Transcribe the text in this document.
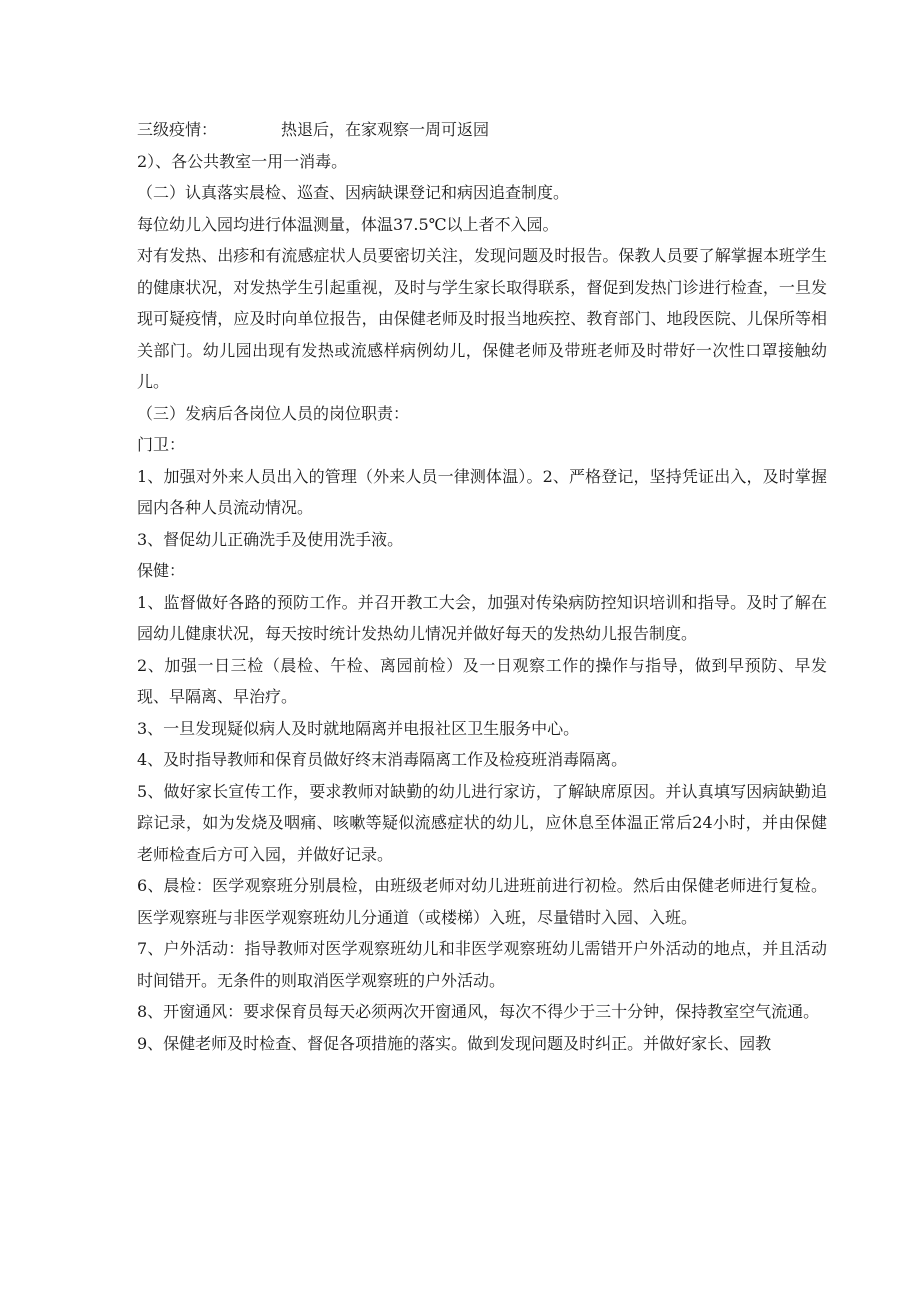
三级疫情：	热退后，在家观察一周可返园

2）、各公共教室一用一消毒。

（二）认真落实晨检、巡查、因病缺课登记和病因追查制度。

每位幼儿入园均进行体温测量，体温37.5℃以上者不入园。

对有发热、出疹和有流感症状人员要密切关注，发现问题及时报告。保教人员要了解掌握本班学生的健康状况，对发热学生引起重视，及时与学生家长取得联系，督促到发热门诊进行检查，一旦发现可疑疫情，应及时向单位报告，由保健老师及时报当地疾控、教育部门、地段医院、儿保所等相关部门。幼儿园出现有发热或流感样病例幼儿，保健老师及带班老师及时带好一次性口罩接触幼儿。

（三）发病后各岗位人员的岗位职责：

门卫：

1、加强对外来人员出入的管理（外来人员一律测体温）。2、严格登记，坚持凭证出入，及时掌握园内各种人员流动情况。

3、督促幼儿正确洗手及使用洗手液。

保健：

1、监督做好各路的预防工作。并召开教工大会，加强对传染病防控知识培训和指导。及时了解在园幼儿健康状况，每天按时统计发热幼儿情况并做好每天的发热幼儿报告制度。

2、加强一日三检（晨检、午检、离园前检）及一日观察工作的操作与指导，做到早预防、早发现、早隔离、早治疗。

3、一旦发现疑似病人及时就地隔离并电报社区卫生服务中心。

4、及时指导教师和保育员做好终末消毒隔离工作及检疫班消毒隔离。

5、做好家长宣传工作，要求教师对缺勤的幼儿进行家访，了解缺席原因。并认真填写因病缺勤追踪记录，如为发烧及咽痛、咳嗽等疑似流感症状的幼儿，应休息至体温正常后24小时，并由保健老师检查后方可入园，并做好记录。

6、晨检：医学观察班分别晨检，由班级老师对幼儿进班前进行初检。然后由保健老师进行复检。医学观察班与非医学观察班幼儿分通道（或楼梯）入班，尽量错时入园、入班。

7、户外活动：指导教师对医学观察班幼儿和非医学观察班幼儿需错开户外活动的地点，并且活动时间错开。无条件的则取消医学观察班的户外活动。

8、开窗通风：要求保育员每天必须两次开窗通风，每次不得少于三十分钟，保持教室空气流通。

9、保健老师及时检查、督促各项措施的落实。做到发现问题及时纠正。并做好家长、园教
